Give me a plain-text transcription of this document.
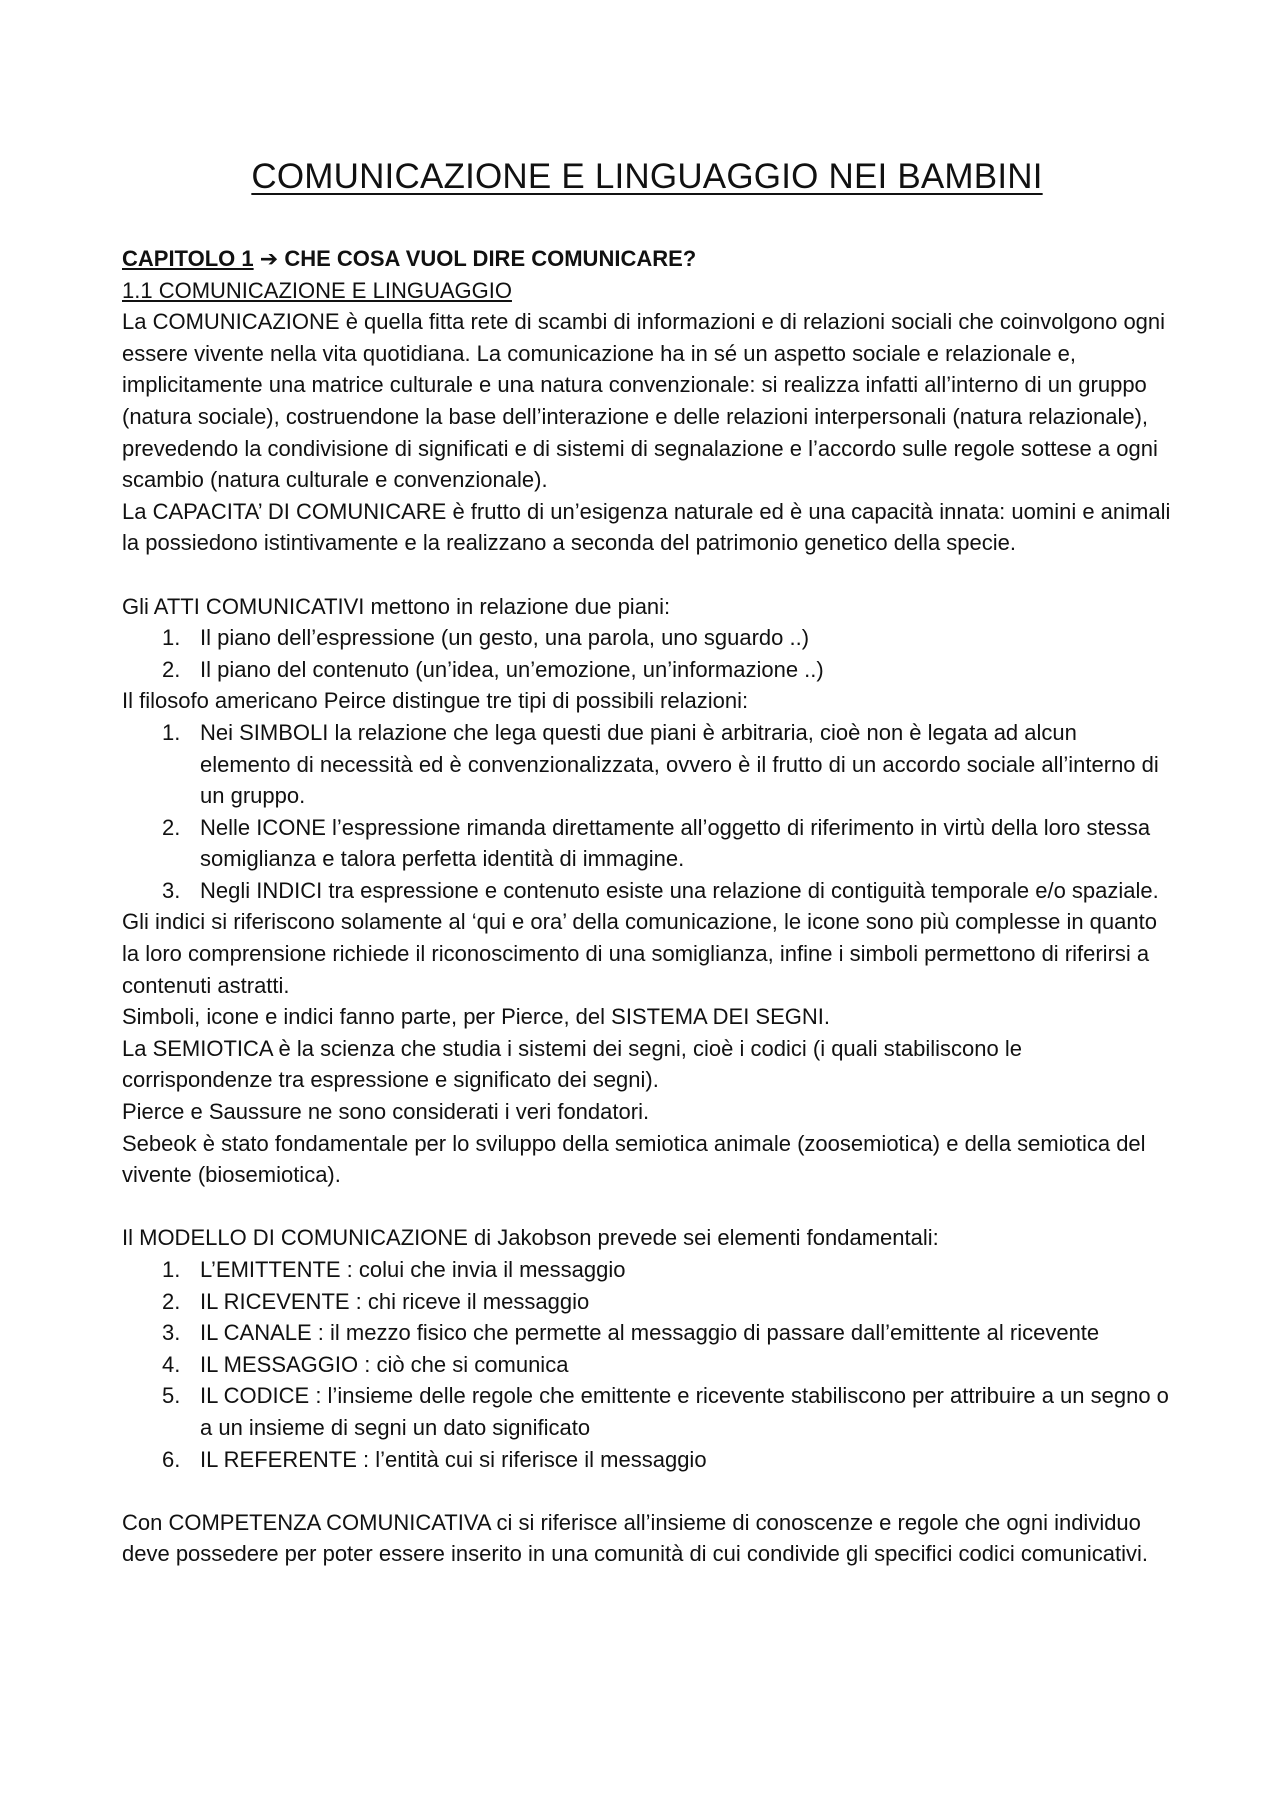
COMUNICAZIONE E LINGUAGGIO NEI BAMBINI

CAPITOLO 1 ➔ CHE COSA VUOL DIRE COMUNICARE?

1.1 COMUNICAZIONE E LINGUAGGIO

La COMUNICAZIONE è quella fitta rete di scambi di informazioni e di relazioni sociali che coinvolgono ogni essere vivente nella vita quotidiana. La comunicazione ha in sé un aspetto sociale e relazionale e, implicitamente una matrice culturale e una natura convenzionale: si realizza infatti all’interno di un gruppo (natura sociale), costruendone la base dell’interazione e delle relazioni interpersonali (natura relazionale), prevedendo la condivisione di significati e di sistemi di segnalazione e l’accordo sulle regole sottese a ogni scambio (natura culturale e convenzionale).

La CAPACITA’ DI COMUNICARE è frutto di un’esigenza naturale ed è una capacità innata: uomini e animali la possiedono istintivamente e la realizzano a seconda del patrimonio genetico della specie.

Gli ATTI COMUNICATIVI mettono in relazione due piani:

1. Il piano dell’espressione (un gesto, una parola, uno sguardo ..)
2. Il piano del contenuto (un’idea, un’emozione, un’informazione ..)

Il filosofo americano Peirce distingue tre tipi di possibili relazioni:

1. Nei SIMBOLI la relazione che lega questi due piani è arbitraria, cioè non è legata ad alcun elemento di necessità ed è convenzionalizzata, ovvero è il frutto di un accordo sociale all’interno di un gruppo.
2. Nelle ICONE l’espressione rimanda direttamente all’oggetto di riferimento in virtù della loro stessa somiglianza e talora perfetta identità di immagine.
3. Negli INDICI tra espressione e contenuto esiste una relazione di contiguità temporale e/o spaziale.

Gli indici si riferiscono solamente al ‘qui e ora’ della comunicazione, le icone sono più complesse in quanto la loro comprensione richiede il riconoscimento di una somiglianza, infine i simboli permettono di riferirsi a contenuti astratti.

Simboli, icone e indici fanno parte, per Pierce, del SISTEMA DEI SEGNI.

La SEMIOTICA è la scienza che studia i sistemi dei segni, cioè i codici (i quali stabiliscono le corrispondenze tra espressione e significato dei segni).

Pierce e Saussure ne sono considerati i veri fondatori.

Sebeok è stato fondamentale per lo sviluppo della semiotica animale (zoosemiotica) e della semiotica del vivente (biosemiotica).

Il MODELLO DI COMUNICAZIONE di Jakobson prevede sei elementi fondamentali:

1. L’EMITTENTE : colui che invia il messaggio
2. IL RICEVENTE : chi riceve il messaggio
3. IL CANALE : il mezzo fisico che permette al messaggio di passare dall’emittente al ricevente
4. IL MESSAGGIO : ciò che si comunica
5. IL CODICE : l’insieme delle regole che emittente e ricevente stabiliscono per attribuire a un segno o a un insieme di segni un dato significato
6. IL REFERENTE : l’entità cui si riferisce il messaggio

Con COMPETENZA COMUNICATIVA ci si riferisce all’insieme di conoscenze e regole che ogni individuo deve possedere per poter essere inserito in una comunità di cui condivide gli specifici codici comunicativi.
